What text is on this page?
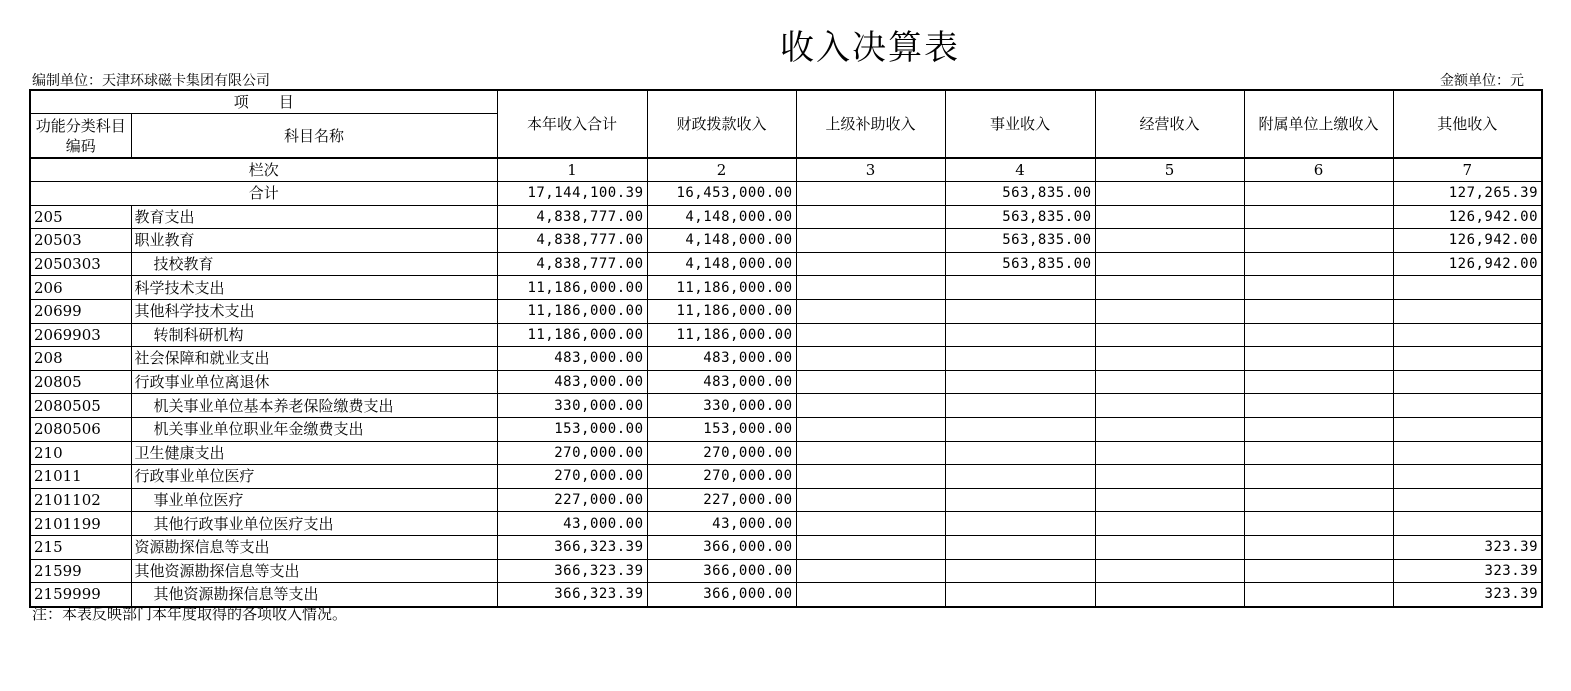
收入决算表
编制单位：天津环球磁卡集团有限公司	金额单位：元
项　　目		本年收入合计	财政拨款收入	上级补助收入	事业收入	经营收入	附属单位上缴收入	其他收入
功能分类科目编码	科目名称							
栏次		1	2	3	4	5	6	7
合计		17,144,100.39	16,453,000.00		563,835.00			127,265.39
205	教育支出	4,838,777.00	4,148,000.00		563,835.00			126,942.00
20503	职业教育	4,838,777.00	4,148,000.00		563,835.00			126,942.00
2050303	技校教育	4,838,777.00	4,148,000.00		563,835.00			126,942.00
206	科学技术支出	11,186,000.00	11,186,000.00					
20699	其他科学技术支出	11,186,000.00	11,186,000.00					
2069903	转制科研机构	11,186,000.00	11,186,000.00					
208	社会保障和就业支出	483,000.00	483,000.00					
20805	行政事业单位离退休	483,000.00	483,000.00					
2080505	机关事业单位基本养老保险缴费支出	330,000.00	330,000.00					
2080506	机关事业单位职业年金缴费支出	153,000.00	153,000.00					
210	卫生健康支出	270,000.00	270,000.00					
21011	行政事业单位医疗	270,000.00	270,000.00					
2101102	事业单位医疗	227,000.00	227,000.00					
2101199	其他行政事业单位医疗支出	43,000.00	43,000.00					
215	资源勘探信息等支出	366,323.39	366,000.00					323.39
21599	其他资源勘探信息等支出	366,323.39	366,000.00					323.39
2159999	其他资源勘探信息等支出	366,323.39	366,000.00					323.39
注：本表反映部门本年度取得的各项收入情况。
